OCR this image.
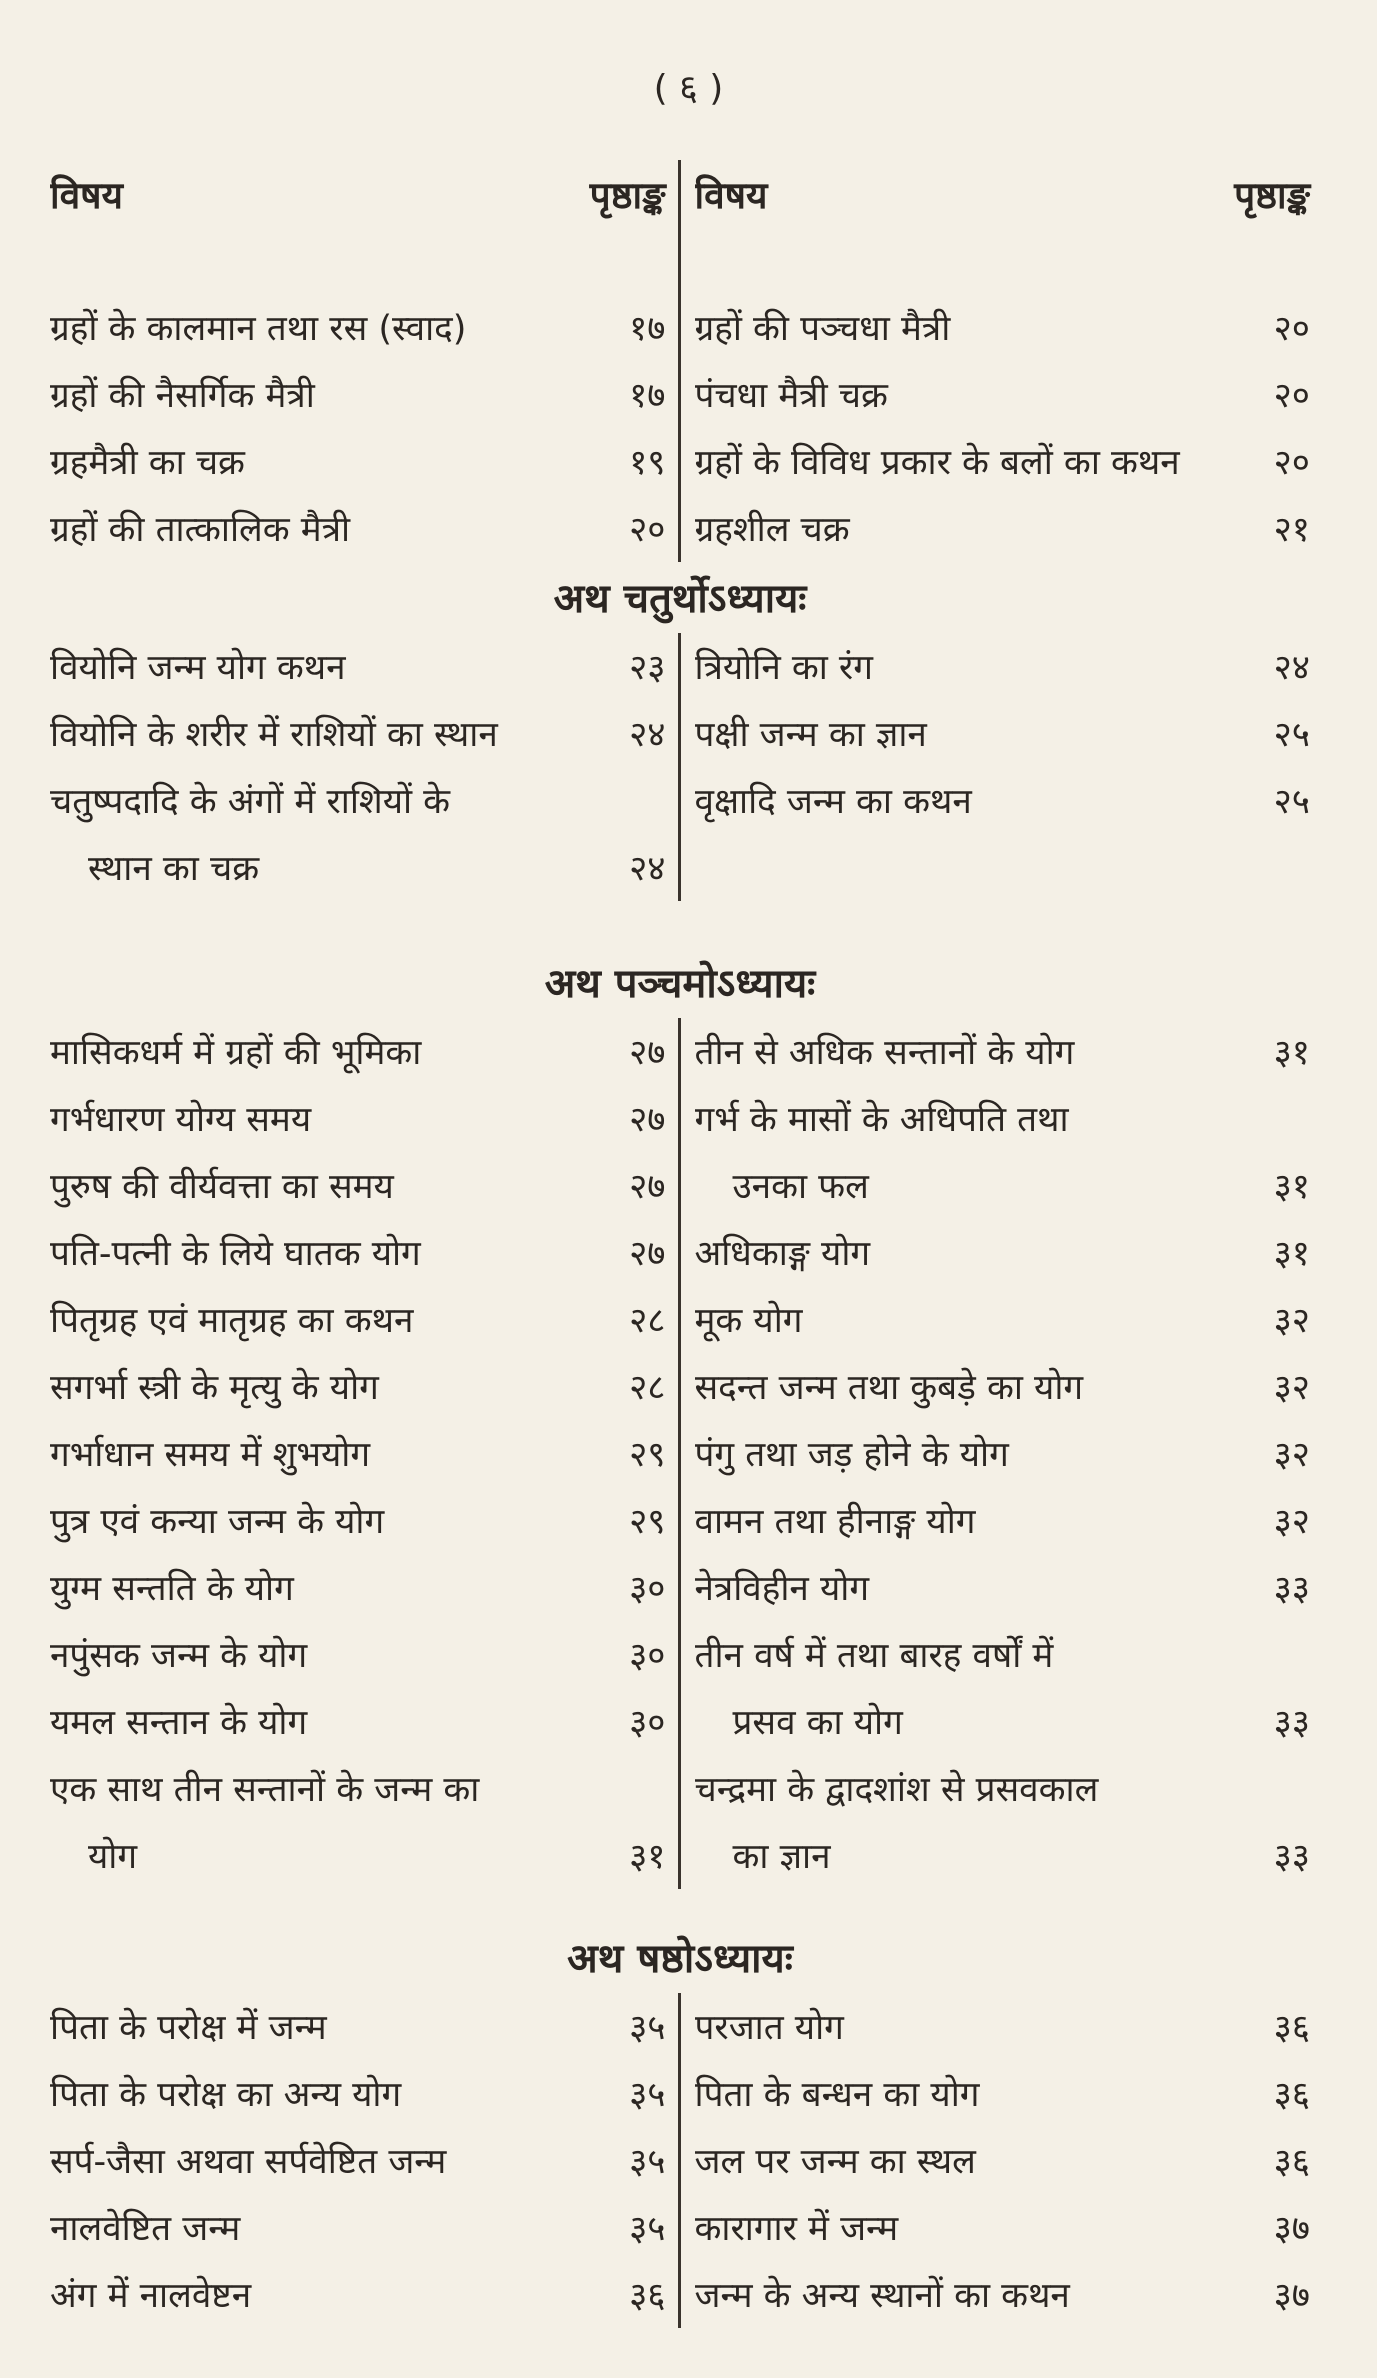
( ६ )
विषय	पृष्ठाङ्क
ग्रहों के कालमान तथा रस (स्वाद)	१७
ग्रहों की नैसर्गिक मैत्री	१७
ग्रहमैत्री का चक्र	१९
ग्रहों की तात्कालिक मैत्री	२०
विषय	पृष्ठाङ्क
ग्रहों की पञ्चधा मैत्री	२०
पंचधा मैत्री चक्र	२०
ग्रहों के विविध प्रकार के बलों का कथन	२०
ग्रहशील चक्र	२१
अथ चतुर्थोऽध्यायः
वियोनि जन्म योग कथन	२३
वियोनि के शरीर में राशियों का स्थान	२४
चतुष्पदादि के अंगों में राशियों के
स्थान का चक्र	२४
त्रियोनि का रंग	२४
पक्षी जन्म का ज्ञान	२५
वृक्षादि जन्म का कथन	२५
अथ पञ्चमोऽध्यायः
मासिकधर्म में ग्रहों की भूमिका	२७
गर्भधारण योग्य समय	२७
पुरुष की वीर्यवत्ता का समय	२७
पति-पत्नी के लिये घातक योग	२७
पितृग्रह एवं मातृग्रह का कथन	२८
सगर्भा स्त्री के मृत्यु के योग	२८
गर्भाधान समय में शुभयोग	२९
पुत्र एवं कन्या जन्म के योग	२९
युग्म सन्तति के योग	३०
नपुंसक जन्म के योग	३०
यमल सन्तान के योग	३०
एक साथ तीन सन्तानों के जन्म का
योग	३१
तीन से अधिक सन्तानों के योग	३१
गर्भ के मासों के अधिपति तथा
उनका फल	३१
अधिकाङ्ग योग	३१
मूक योग	३२
सदन्त जन्म तथा कुबड़े का योग	३२
पंगु तथा जड़ होने के योग	३२
वामन तथा हीनाङ्ग योग	३२
नेत्रविहीन योग	३३
तीन वर्ष में तथा बारह वर्षों में
प्रसव का योग	३३
चन्द्रमा के द्वादशांश से प्रसवकाल
का ज्ञान	३३
अथ षष्ठोऽध्यायः
पिता के परोक्ष में जन्म	३५
पिता के परोक्ष का अन्य योग	३५
सर्प-जैसा अथवा सर्पवेष्टित जन्म	३५
नालवेष्टित जन्म	३५
अंग में नालवेष्टन	३६
परजात योग	३६
पिता के बन्धन का योग	३६
जल पर जन्म का स्थल	३६
कारागार में जन्म	३७
जन्म के अन्य स्थानों का कथन	३७
